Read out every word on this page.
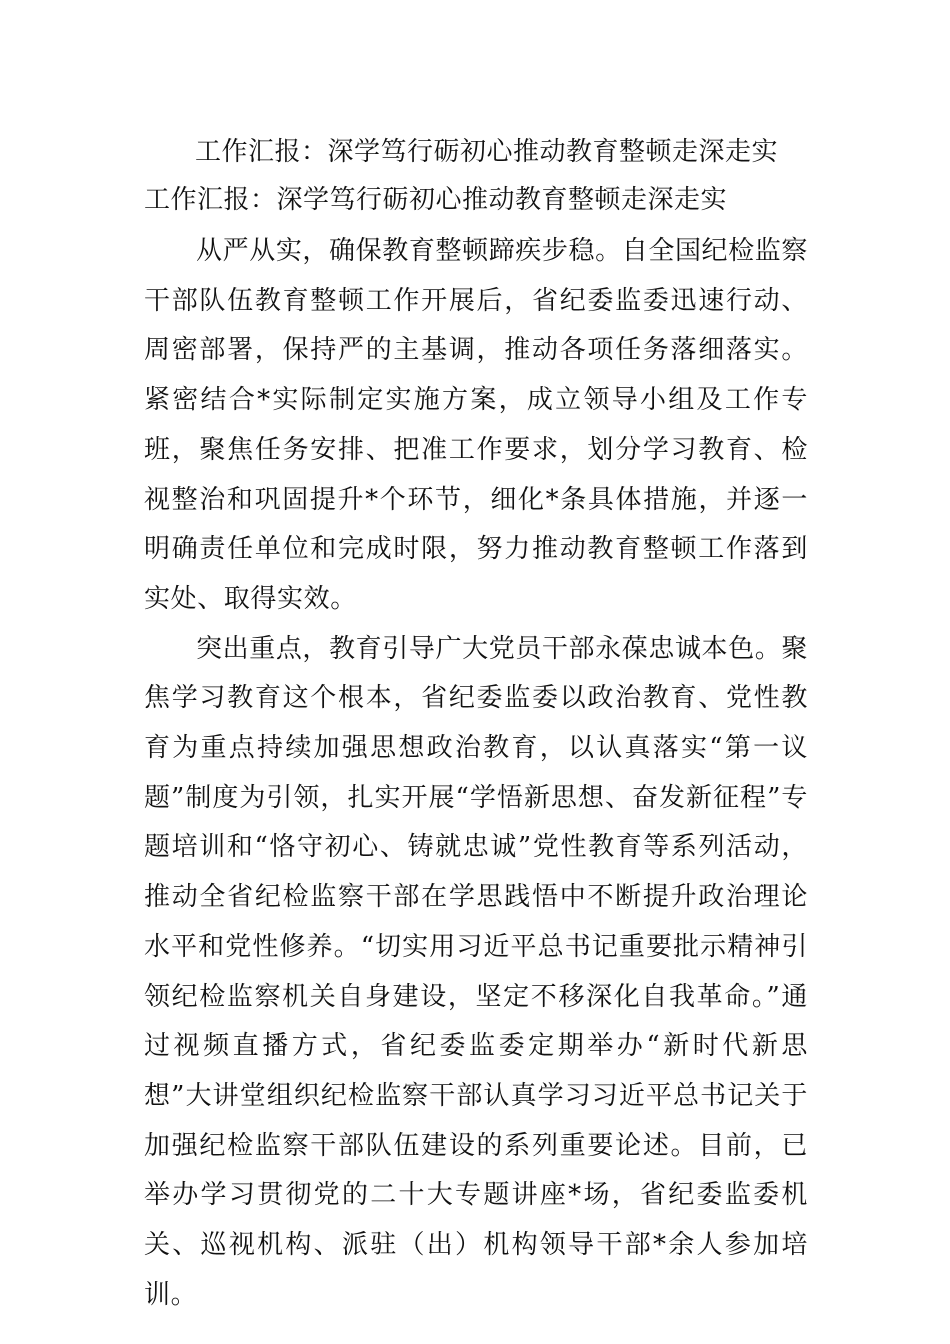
工作汇报：深学笃行砺初心推动教育整顿走深走实
工作汇报：深学笃行砺初心推动教育整顿走深走实

从严从实，确保教育整顿蹄疾步稳。自全国纪检监察干部队伍教育整顿工作开展后，省纪委监委迅速行动、周密部署，保持严的主基调，推动各项任务落细落实。紧密结合*实际制定实施方案，成立领导小组及工作专班，聚焦任务安排、把准工作要求，划分学习教育、检视整治和巩固提升*个环节，细化*条具体措施，并逐一明确责任单位和完成时限，努力推动教育整顿工作落到实处、取得实效。

突出重点，教育引导广大党员干部永葆忠诚本色。聚焦学习教育这个根本，省纪委监委以政治教育、党性教育为重点持续加强思想政治教育，以认真落实“第一议题”制度为引领，扎实开展“学悟新思想、奋发新征程”专题培训和“恪守初心、铸就忠诚”党性教育等系列活动，推动全省纪检监察干部在学思践悟中不断提升政治理论水平和党性修养。“切实用习近平总书记重要批示精神引领纪检监察机关自身建设，坚定不移深化自我革命。”通过视频直播方式，省纪委监委定期举办“新时代新思想”大讲堂组织纪检监察干部认真学习习近平总书记关于加强纪检监察干部队伍建设的系列重要论述。目前，已举办学习贯彻党的二十大专题讲座*场，省纪委监委机关、巡视机构、派驻（出）机构领导干部*余人参加培训。
